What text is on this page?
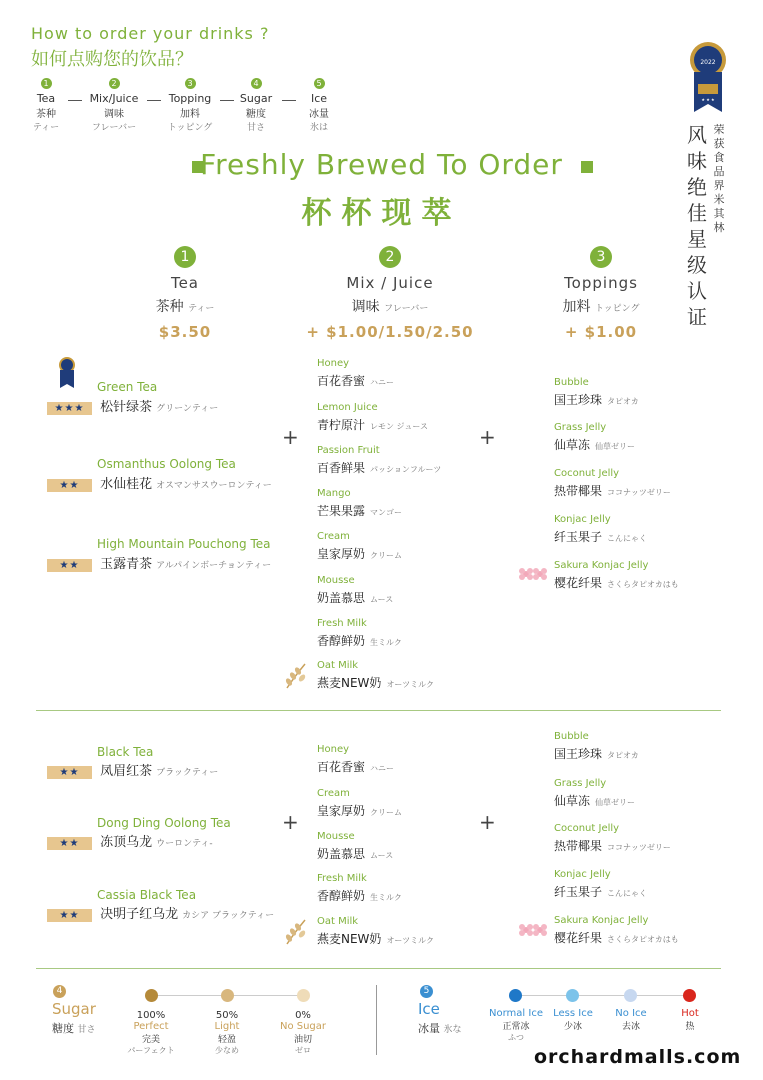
How to order your drinks ?
如何点购您的饮品？
1
Tea
茶种
ティー
2
Mix/Juice
调味
フレーバー
3
Topping
加料
トッピング
4
Sugar
糖度
甘さ
5
Ice
冰量
氷は
2022
★ ★ ★
风味绝佳星级认证
荣获食品界米其林
Freshly Brewed To Order
杯杯现萃
1
Tea
茶种 ティー
$3.50
2
Mix / Juice
调味 フレーバー
+ $1.00/1.50/2.50
3
Toppings
加料 トッピング
+ $1.00
Green Tea
★★★ 松针绿茶 グリーンティー
Osmanthus Oolong Tea
★★ 水仙桂花 オスマンサスウーロンティー
High Mountain Pouchong Tea
★★ 玉露青茶 アルパインボーチョンティー
+	+
Honey
百花香蜜 ハニー
Lemon Juice
青柠原汁 レモン ジュース
Passion Fruit
百香鲜果 パッションフルーツ
Mango
芒果果露 マンゴー
Cream
皇家厚奶 クリーム
Mousse
奶盖慕思 ムース
Fresh Milk
香醇鲜奶 生ミルク
Oat Milk
燕麦NEW奶 オーツミルク
Bubble
国王珍珠 タピオカ
Grass Jelly
仙草冻 仙草ゼリー
Coconut Jelly
热带椰果 ココナッツゼリー
Konjac Jelly
纤玉果子 こんにゃく
Sakura Konjac Jelly
樱花纤果 さくらタピオカはも
Black Tea
★★ 凤眉红茶 ブラックティー
Dong Ding Oolong Tea
★★ 冻顶乌龙 ウーロンティ-
Cassia Black Tea
★★ 决明子红乌龙 カシア ブラックティー
+	+
Honey
百花香蜜 ハニー
Cream
皇家厚奶 クリーム
Mousse
奶盖慕思 ムース
Fresh Milk
香醇鲜奶 生ミルク
Oat Milk
燕麦NEW奶 オーツミルク
Bubble
国王珍珠 タピオカ
Grass Jelly
仙草冻 仙草ゼリー
Coconut Jelly
热带椰果 ココナッツゼリー
Konjac Jelly
纤玉果子 こんにゃく
Sakura Konjac Jelly
樱花纤果 さくらタピオカはも
4
Sugar
糖度 甘さ
100%
Perfect
完美
パーフェクト
50%
Light
轻盈
少なめ
0%
No Sugar
油切
ゼロ
5
Ice
冰量 氷な
Normal Ice
正常冰
ふつ
Less Ice
少冰
No Ice
去冰
Hot
热
orchardmalls.com
